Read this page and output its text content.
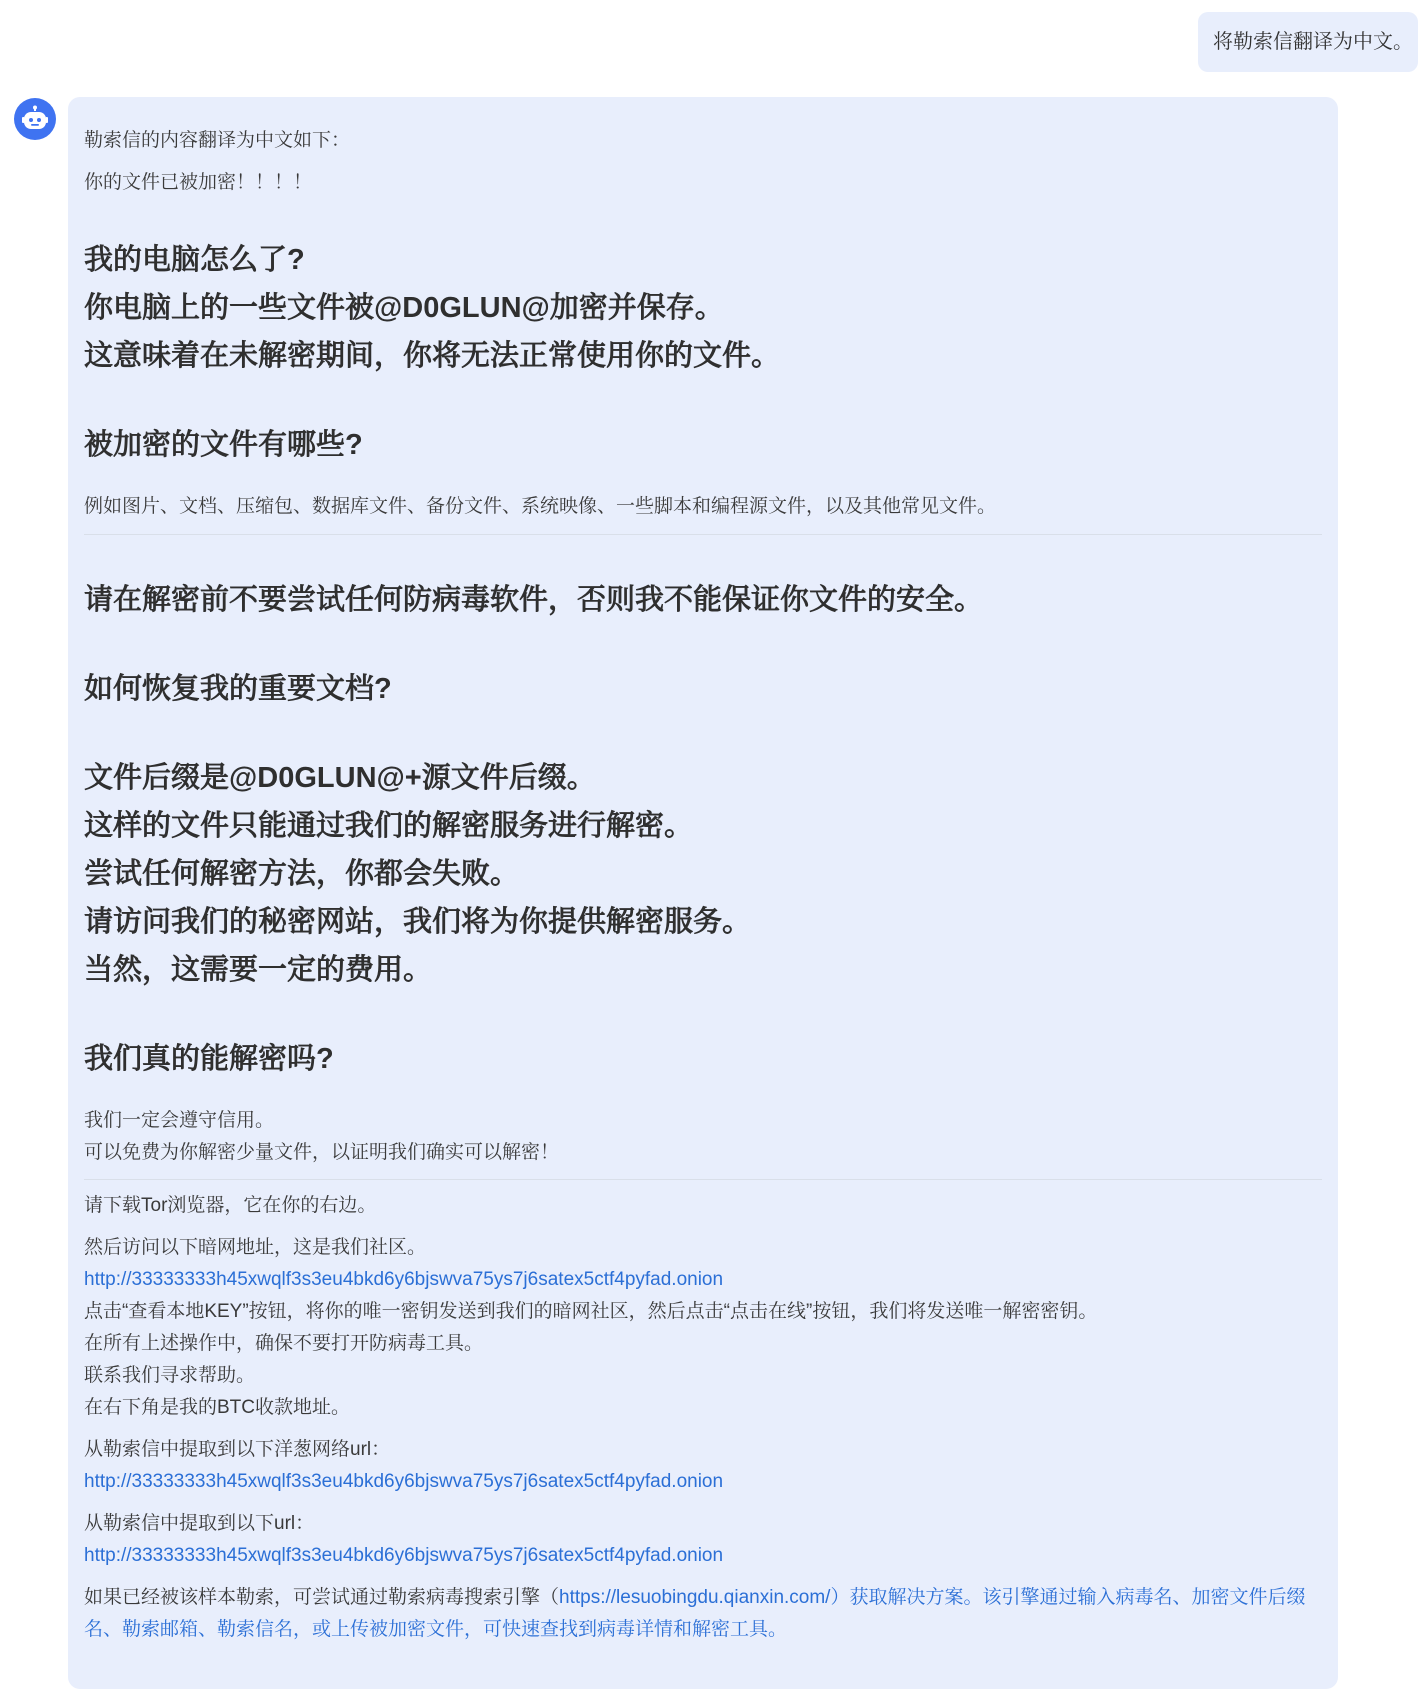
将勒索信翻译为中文。
勒索信的内容翻译为中文如下：
你的文件已被加密！！！！
我的电脑怎么了?
你电脑上的一些文件被@D0GLUN@加密并保存。
这意味着在未解密期间，你将无法正常使用你的文件。
被加密的文件有哪些?
例如图片、文档、压缩包、数据库文件、备份文件、系统映像、一些脚本和编程源文件，以及其他常见文件。
请在解密前不要尝试任何防病毒软件，否则我不能保证你文件的安全。
如何恢复我的重要文档?
文件后缀是@D0GLUN@+源文件后缀。
这样的文件只能通过我们的解密服务进行解密。
尝试任何解密方法，你都会失败。
请访问我们的秘密网站，我们将为你提供解密服务。
当然，这需要一定的费用。
我们真的能解密吗?
我们一定会遵守信用。
可以免费为你解密少量文件，以证明我们确实可以解密！
请下载Tor浏览器，它在你的右边。
然后访问以下暗网地址，这是我们社区。
http://33333333h45xwqlf3s3eu4bkd6y6bjswva75ys7j6satex5ctf4pyfad.onion
点击“查看本地KEY”按钮，将你的唯一密钥发送到我们的暗网社区，然后点击“点击在线”按钮，我们将发送唯一解密密钥。
在所有上述操作中，确保不要打开防病毒工具。
联系我们寻求帮助。
在右下角是我的BTC收款地址。
从勒索信中提取到以下洋葱网络url：
http://33333333h45xwqlf3s3eu4bkd6y6bjswva75ys7j6satex5ctf4pyfad.onion
从勒索信中提取到以下url：
http://33333333h45xwqlf3s3eu4bkd6y6bjswva75ys7j6satex5ctf4pyfad.onion
如果已经被该样本勒索，可尝试通过勒索病毒搜索引擎（https://lesuobingdu.qianxin.com/）获取解决方案。该引擎通过输入病毒名、加密文件后缀名、勒索邮箱、勒索信名，或上传被加密文件，可快速查找到病毒详情和解密工具。
